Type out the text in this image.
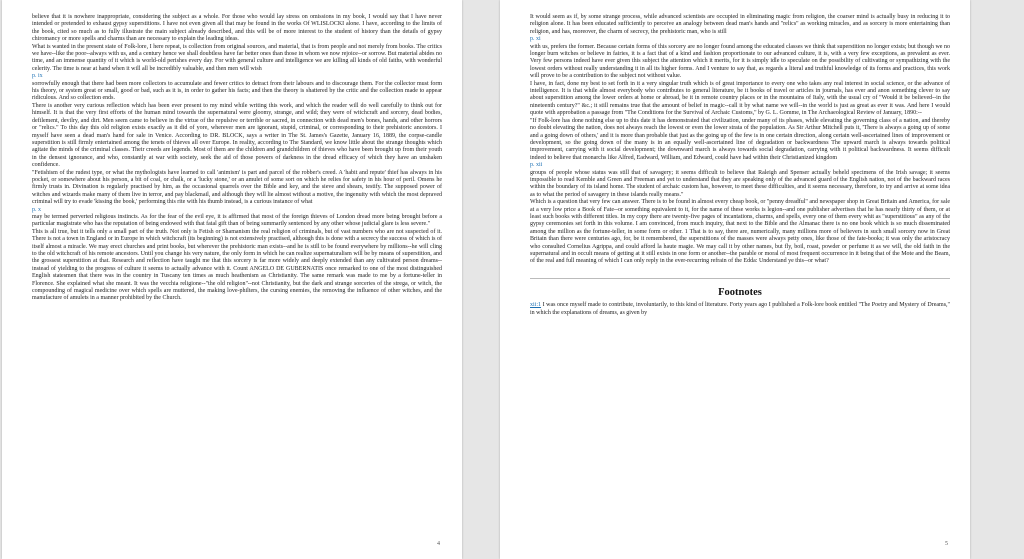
believe that it is nowhere inappropriate, considering the subject as a whole. For those who would lay stress on omissions in my book, I would say that I have never intended or pretended to exhaust gypsy superstitions. I have not even given all that may be found in the works Of WLISLOCKI alone. I have, according to the limits of the book, cited so much as to fully illustrate the main subject already described, and this will be of more interest to the student of history than the details of gypsy chiromancy or more spells and charms than are necessary to explain the leading ideas.

What is wanted in the present state of Folk-lore, I here repeat, is collection from original sources, and material, that is from people and not merely from books. The critics we have--like the poor--always with us, and a century hence we shall doubtless have far better ones than those in whom we now rejoice--or sorrow. But material abides no time, and an immense quantity of it which is world-old perishes every day. For with general culture and intelligence we are killing all kinds of old faiths, with wonderful celerity. The time is near at hand when it will all be incredibly valuable, and then men will wish

p. ix

sorrowfully enough that there had been more collectors to accumulate and fewer critics to detract from their labours and to discourage them. For the collector must form his theory, or system great or small, good or bad, such as it is, in order to gather his facts; and then the theory is shattered by the critic and the collection made to appear ridiculous. And so collection ends.

There is another very curious reflection which has been ever present to my mind while writing this work, and which the reader will do well carefully to think out for himself. It is that the very first efforts of the human mind towards the supernatural were gloomy, strange, and wild; they were of witchcraft and sorcery, dead bodies, defilement, devilry, and dirt. Men seem came to believe in the virtue of the repulsive or terrible or sacred, in connection with dead men's bones, hands, and other horrors or "relics." To this day this old religion exists exactly as it did of yore, wherever men are ignorant, stupid, criminal, or corresponding to their prehistoric ancestors. I myself have seen a dead man's hand for sale in Venice. According to DR. BLOCK, says a writer in The St. James's Gazette, January 16, 1889, the corpse-candle superstition is still firmly entertained among the tenets of thieves all over Europe. In reality, according to The Standard, we know little about the strange thoughts which agitate the minds of the criminal classes. Their creeds are legends. Most of them are the children and grandchildren of thieves who have been brought up from their youth in the densest ignorance, and who, constantly at war with society, seek the aid of those powers of darkness in the dread efficacy of which they have an unshaken confidence.

"Fetishism of the rudest type, or what the mythologists have learned to call 'animism' is part and parcel of the robber's creed. A 'habit and repute' thief has always in his pocket, or somewhere about his person, a bit of coal, or chalk, or a 'lucky stone,' or an amulet of some sort on which he relies for safety in his hour of peril. Omens he firmly trusts in. Divination is regularly practised by him, as the occasional quarrels over the Bible and key, and the sieve and shears, testify. The supposed power of witches and wizards make many of them live in terror, and pay blackmail, and although they will lie almost without a motive, the ingenuity with which the most depraved criminal will try to evade 'kissing the book,' performing this rite with his thumb instead, is a curious instance of what

p. x

may be termed perverted religious instincts. As for the fear of the evil eye, it is affirmed that most of the foreign thieves of London dread more being brought before a particular magistrate who has the reputation of being endowed with that fatal gift than of being summarily sentenced by any other whose judicial glare is less severe."

This is all true, but it tells only a small part of the truth. Not only is Fetish or Shamanism the real religion of criminals, but of vast numbers who are not suspected of it. There is not a town in England or in Europe in which witchcraft (its beginning) is not extensively practised, although this is done with a secrecy the success of which is of itself almost a miracle. We may erect churches and print books, but wherever the prehistoric man exists--and he is still to be found everywhere by millions--he will cling to the old witchcraft of his remote ancestors. Until you change his very nature, the only form in which he can realize supernaturalism will be by means of superstition, and the grossest superstition at that. Research and reflection have taught me that this sorcery is far more widely and deeply extended than any cultivated person dreams--instead of yielding to the progress of culture it seems to actually advance with it. Count ANGELO DE GUBERNATIS once remarked to one of the most distinguished English statesmen that there was in the country in Tuscany ten times as much heathenism as Christianity. The same remark was made to me by a fortune-teller in Florence. She explained what she meant. It was the vecchia religione--"the old religion"--not Christianity, but the dark and strange sorceries of the strega, or witch, the compounding of magical medicine over which spells are muttered, the making love-philters, the cursing enemies, the removing the influence of other witches, and the manufacture of amulets in a manner prohibited by the Church.

4

It would seem as if, by some strange process, while advanced scientists are occupied in eliminating magic from religion, the coarser mind is actually busy in reducing it to religion alone. It has been educated sufficiently to perceive an analogy between dead man's hands and "relics" as working miracles, and as sorcery is more entertaining than religion, and has, moreover, the charm of secrecy, the prehistoric man, who is still

p. xi

with us, prefers the former. Because certain forms of this sorcery are no longer found among the educated classes we think that superstition no longer exists; but though we no longer burn witches or believe in fairies, it is a fact that of a kind and fashion proportionate to our advanced culture, it is, with a very few exceptions, as prevalent as ever. Very few persons indeed have ever given this subject the attention which it merits, for it is simply idle to speculate on the possibility of cultivating or sympathizing with the lowest orders without really understanding it in all its higher forms. And I venture to say that, as regards a literal and truthful knowledge of its forms and practices, this work will prove to be a contribution to the subject not without value.

I have, in fact, done my best to set forth in it a very singular truth which is of great importance to every one who takes any real interest in social science, or the advance of intelligence. It is that while almost everybody who contributes to general literature, be it books of travel or articles in journals, has ever and anon something clever to say about superstition among the lower orders at home or abroad, be it in remote country places or in the mountains of Italy, with the usual cry of "Would it be believed--in the nineteenth century?" &c.; it still remains true that the amount of belief in magic--call it by what name we will--in the world is just as great as ever it was. And here I would quote with approbation a passage from "The Conditions for the Survival of Archaic Customs," by G. L. Gomme, in The Archaeological Review of January, 1890:--

"If Folk-lore has done nothing else up to this date it has demonstrated that civilization, under many of its phases, while elevating the governing class of a nation, and thereby no doubt elevating the nation, does not always reach the lowest or even the lower strata of the population. As Sir Arthur Mitchell puts it, 'There is always a going up of some and a going down of others,' and it is more than probable that just as the going up of the few is in one certain direction, along certain well-ascertained lines of improvement or development, so the going down of the many is in an equally well-ascertained line of degradation or backwardness The upward march is always towards political improvement, carrying with it social development; the downward march is always towards social degradation, carrying with it political backwardness. It seems difficult indeed to believe that monarchs like Alfred, Eadward, William, and Edward, could have had within their Christianized kingdom

p. xii

groups of people whose status was still that of savagery; it seems difficult to believe that Raleigh and Spenser actually beheld specimens of the Irish savage; it seems impossible to read Kemble and Green and Freeman and yet to understand that they are speaking only of the advanced guard of the English nation, not of the backward races within the boundary of its island home. The student of archaic custom has, however, to meet these difficulties, and it seems necessary, therefore, to try and arrive at some idea as to what the period of savagery in these islands really means."

Which is a question that very few can answer. There is to be found in almost every cheap book, or "penny dreadful" and newspaper shop in Great Britain and America, for sale at a very low price a Book of Fate--or something equivalent to it, for the name of these works is legion--and one publisher advertises that he has nearly thirty of them, or at least such books with different titles. In my copy there are twenty-five pages of incantations, charms, and spells, every one of them every whit as "superstitious" as any of the gypsy ceremonies set forth in this volume. I am convinced, from much inquiry, that next to the Bible and the Almanac there is no one book which is so much disseminated among the million as the fortune-teller, in some form or other. 1 That is to say, there are, numerically, many millions more of believers in such small sorcery now in Great Britain than there were centuries ago, for, be it remembered, the superstitions of the masses were always petty ones, like those of the fate-books; it was only the aristocracy who consulted Cornelius Agrippa, and could afford la haute magie. We may call it by other names, but fly, boil, roast, powder or perfume it as we will, the old faith in the supernatural and in occult means of getting at it still exists in one form or another--the parable or moral of most frequent occurrence in it being that of the Mote and the Beam, of the real and full meaning of which I can only reply in the ever-recurring refrain of the Edda: Understand ye this--or what?

Footnotes

xii:1 I was once myself made to contribute, involuntarily, to this kind of literature. Forty years ago I published a Folk-lore book entitled "The Poetry and Mystery of Dreams," in which the explanations of dreams, as given by

5
